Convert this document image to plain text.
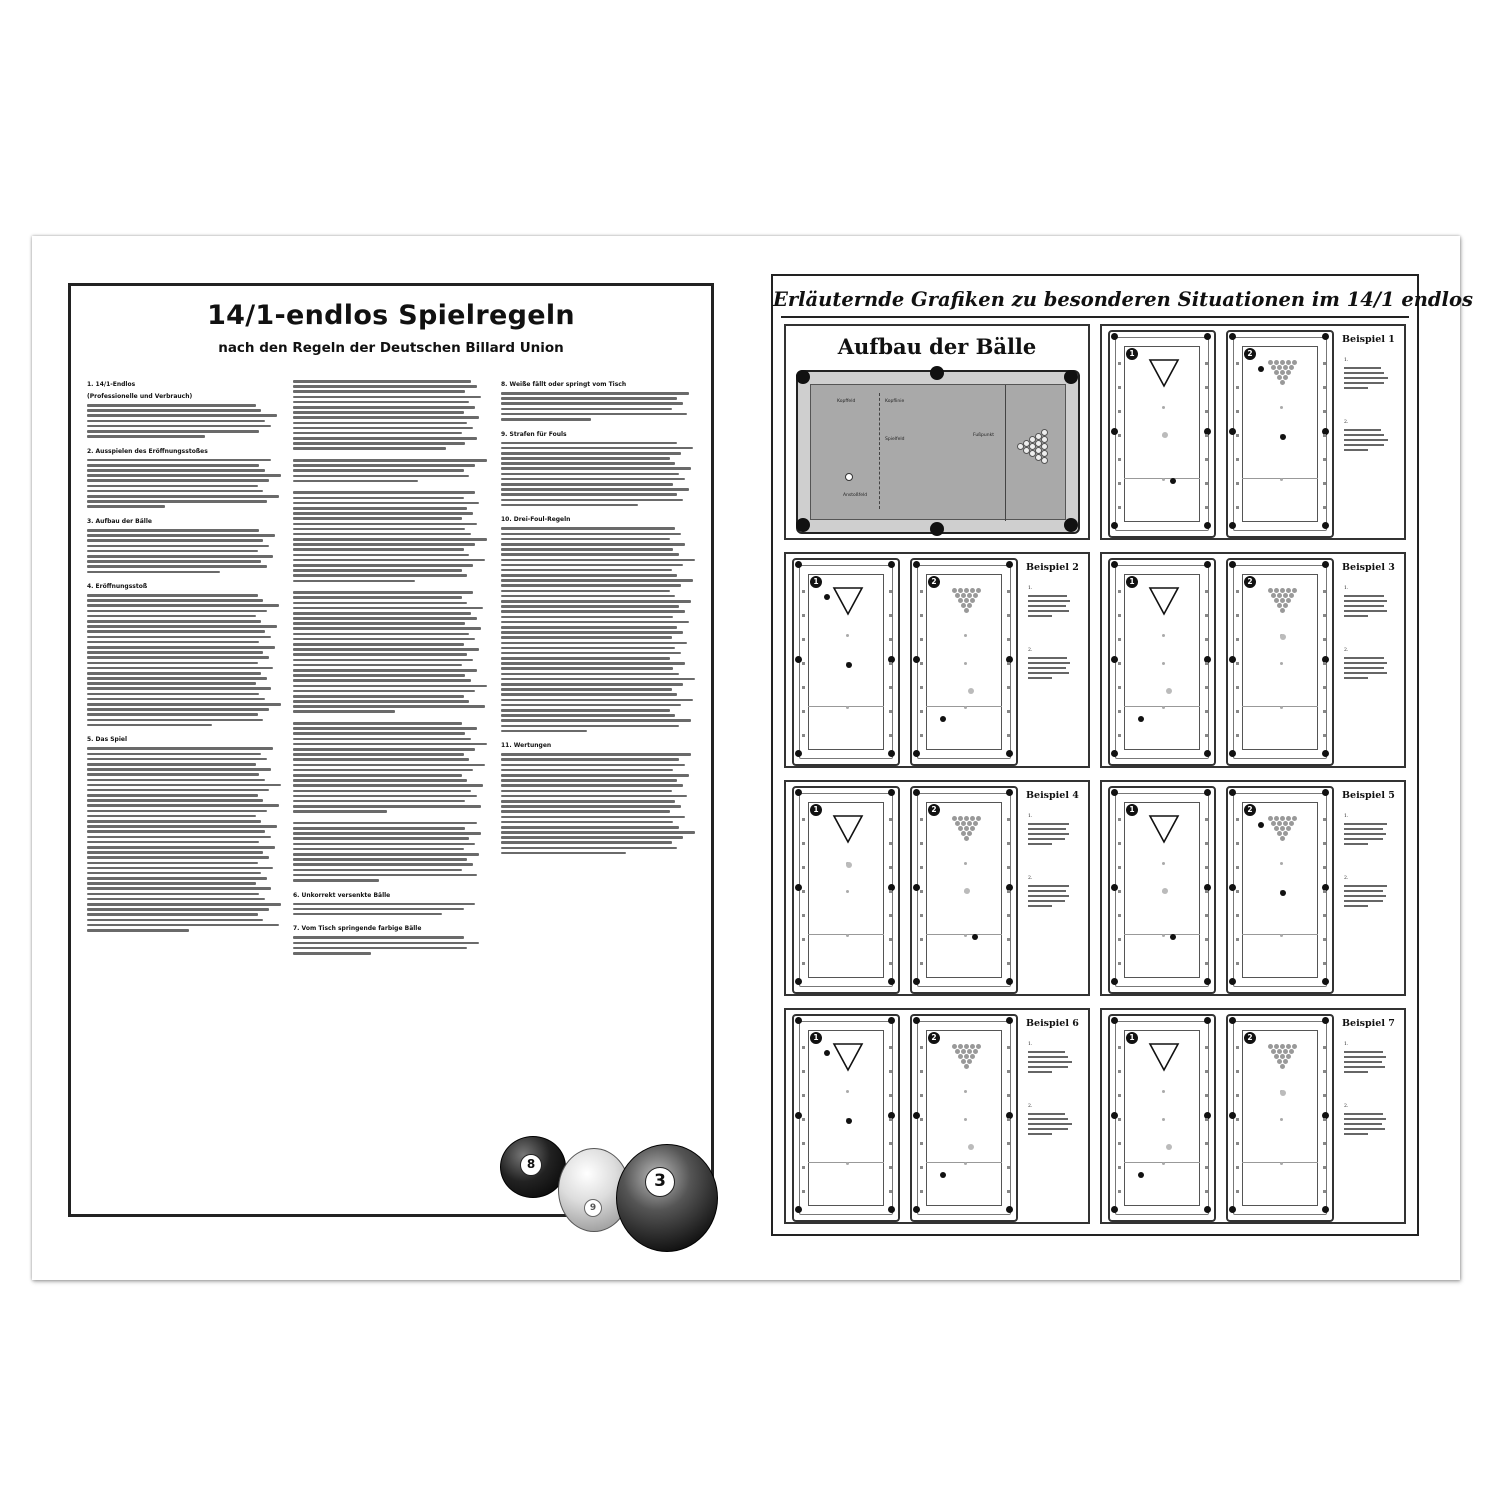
14/1-endlos Spielregeln
nach den Regeln der Deutschen Billard Union
1. 14/1-Endlos
(Professionelle und Verbrauch)
2. Ausspielen des Eröffnungsstoßes
3. Aufbau der Bälle
4. Eröffnungsstoß
5. Das Spiel
6. Unkorrekt versenkte Bälle
7. Vom Tisch springende farbige Bälle
8. Weiße fällt oder springt vom Tisch
9. Strafen für Fouls
10. Drei-Foul-Regeln
11. Wertungen
8
9
3
Erläuternde Grafiken zu besonderen Situationen im 14/1 endlos
Aufbau der Bälle
Kopffeld	Kopflinie
Spielfeld
Fußpunkt
Anstoßfeld
1	2
Beispiel 1
1.
2.
1	2
Beispiel 2
1.
2.
1	2
Beispiel 3
1.
2.
1	2
Beispiel 4
1.
2.
1	2
Beispiel 5
1.
2.
1	2
Beispiel 6
1.
2.
1	2
Beispiel 7
1.
2.
